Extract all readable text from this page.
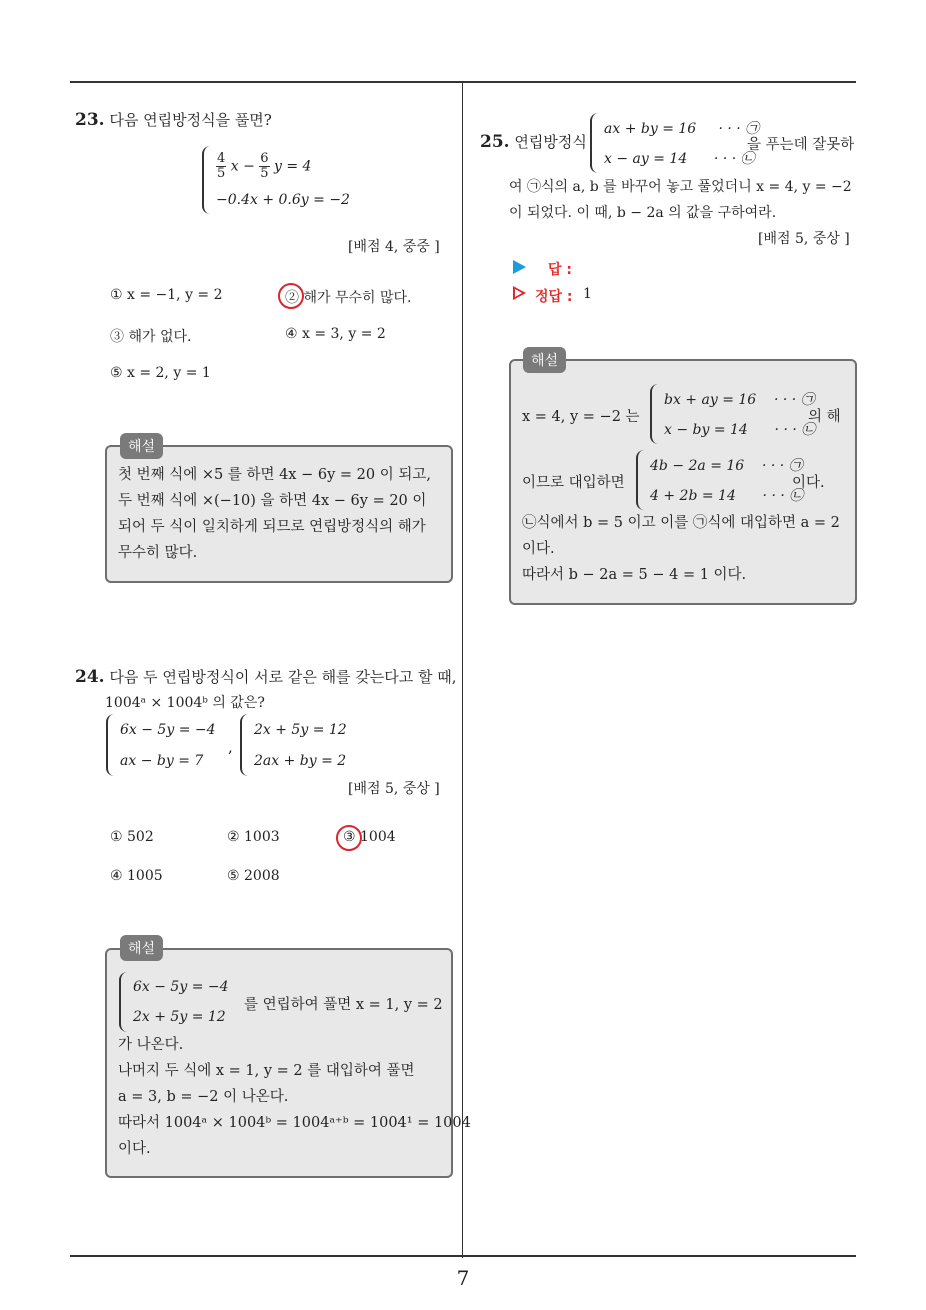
23. 다음 연립방정식을 풀면?
$\frac{4}{5}$ $x - \frac{6}{5}$ y = 4
−0.4x + 0.6y = −2
[배점 4, 중중 ]
① x = −1, y = 2	② 해가 무수히 많다.
③ 해가 없다.	④ x = 3, y = 2
⑤ x = 2, y = 1
해설
첫 번째 식에 ×5 를 하면 4x − 6y = 20 이 되고,
두 번째 식에 ×(−10) 을 하면 4x − 6y = 20 이
되어 두 식이 일치하게 되므로 연립방정식의 해가
무수히 많다.
24. 다음 두 연립방정식이 서로 같은 해를 갖는다고 할 때,
1004ᵃ × 1004ᵇ 의 값은?
6x − 5y = −4
ax − by = 7
,
2x + 5y = 12
2ax + by = 2
[배점 5, 중상 ]
① 502	② 1003	③ 1004
④ 1005	⑤ 2008
해설
6x − 5y = −4
2x + 5y = 12
를 연립하여 풀면 x = 1, y = 2
가 나온다.
나머지 두 식에 x = 1, y = 2 를 대입하여 풀면
a = 3, b = −2 이 나온다.
따라서 1004ᵃ × 1004ᵇ = 1004ᵃ⁺ᵇ = 1004¹ = 1004
이다.
25. 연립방정식
ax + by = 16     · · · ㉠
x − ay = 14      · · · ㉡
을 푸는데 잘못하
여 ㉠식의 a, b 를 바꾸어 놓고 풀었더니 x = 4, y = −2
이 되었다. 이 때, b − 2a 의 값을 구하여라.
[배점 5, 중상 ]
답 :
정답 : 1
해설
x = 4, y = −2 는
bx + ay = 16    · · · ㉠
x − by = 14      · · · ㉡
의 해
이므로 대입하면
4b − 2a = 16    · · · ㉠
4 + 2b = 14      · · · ㉡
이다.
㉡식에서 b = 5 이고 이를 ㉠식에 대입하면 a = 2
이다.
따라서 b − 2a = 5 − 4 = 1 이다.
7
